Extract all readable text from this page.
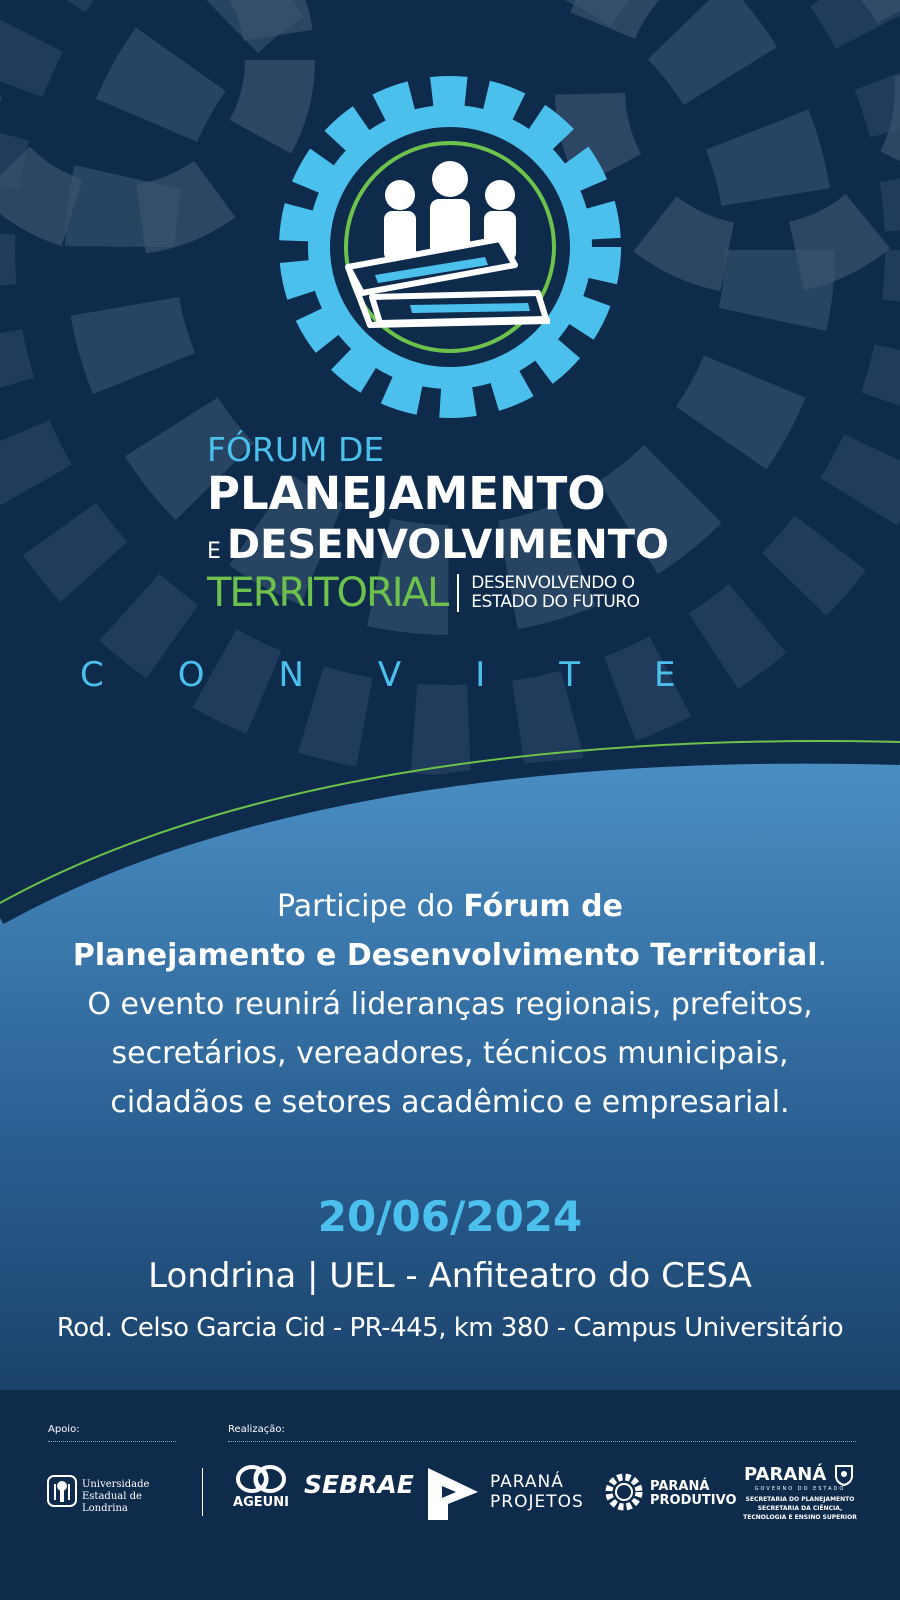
FÓRUM DE
PLANEJAMENTO
E DESENVOLVIMENTO
TERRITORIAL DESENVOLVENDO O
ESTADO DO FUTURO
CONVITE
Participe do Fórum de
Planejamento e Desenvolvimento Territorial.
O evento reunirá lideranças regionais, prefeitos,
secretários, vereadores, técnicos municipais,
cidadãos e setores acadêmico e empresarial.
20/06/2024
Londrina | UEL - Anfiteatro do CESA
Rod. Celso Garcia Cid - PR-445, km 380 - Campus Universitário
Apoio:	Realização:
Universidade
Estadual de Londrina	AGEUNI
SEBRAE	PARANÁ
PROJETOS
PARANÁ
PRODUTIVO
PARANÁ
GOVERNO DO ESTADO
SECRETARIA DO PLANEJAMENTO
SECRETARIA DA CIÊNCIA,
TECNOLOGIA E ENSINO SUPERIOR
